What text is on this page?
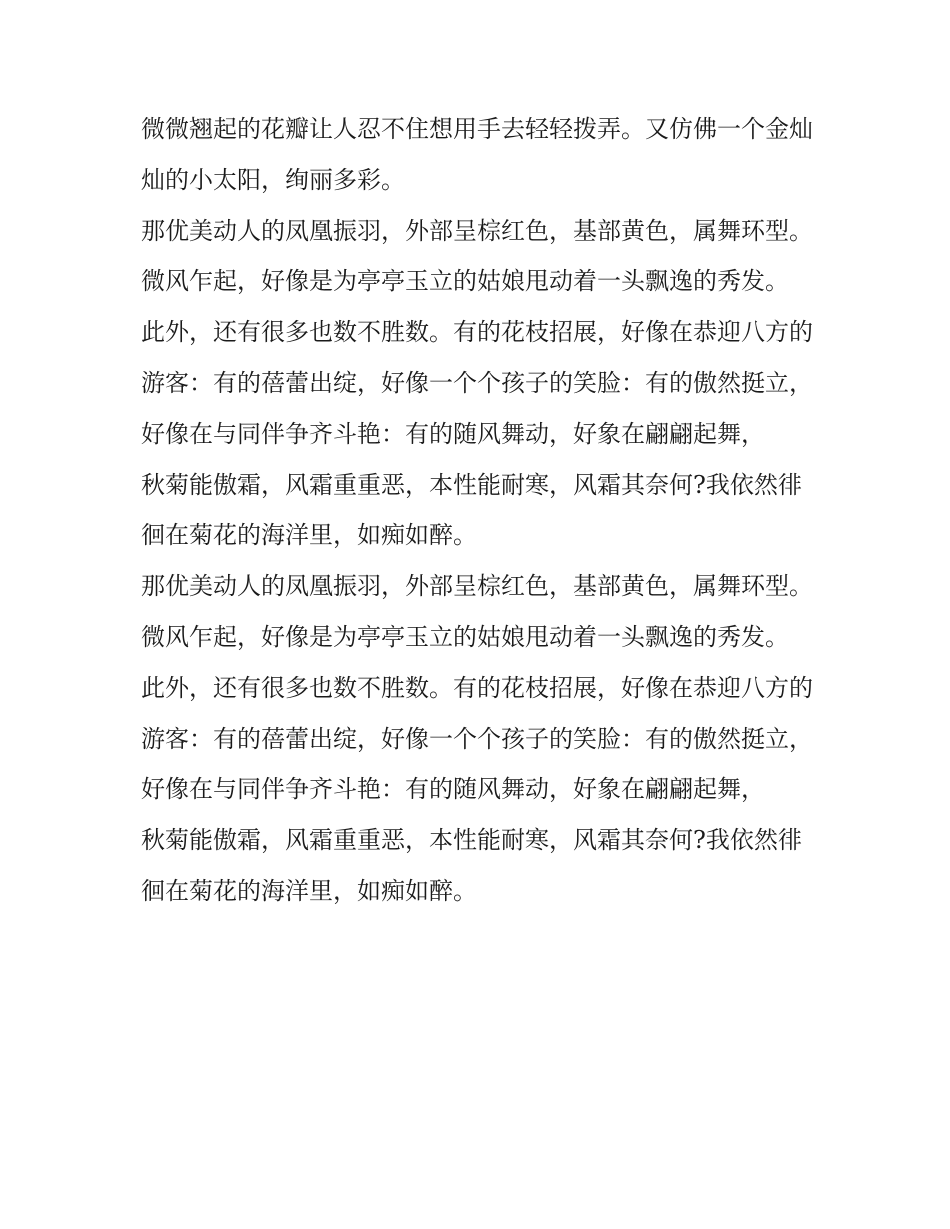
微微翘起的花瓣让人忍不住想用手去轻轻拨弄。又仿佛一个金灿灿的小太阳，绚丽多彩。

那优美动人的凤凰振羽，外部呈棕红色，基部黄色，属舞环型。微风乍起，好像是为亭亭玉立的姑娘甩动着一头飘逸的秀发。

此外，还有很多也数不胜数。有的花枝招展，好像在恭迎八方的游客：有的蓓蕾出绽，好像一个个孩子的笑脸：有的傲然挺立，好像在与同伴争齐斗艳：有的随风舞动，好象在翩翩起舞，

秋菊能傲霜，风霜重重恶，本性能耐寒，风霜其奈何?我依然徘徊在菊花的海洋里，如痴如醉。

那优美动人的凤凰振羽，外部呈棕红色，基部黄色，属舞环型。微风乍起，好像是为亭亭玉立的姑娘甩动着一头飘逸的秀发。

此外，还有很多也数不胜数。有的花枝招展，好像在恭迎八方的游客：有的蓓蕾出绽，好像一个个孩子的笑脸：有的傲然挺立，好像在与同伴争齐斗艳：有的随风舞动，好象在翩翩起舞，

秋菊能傲霜，风霜重重恶，本性能耐寒，风霜其奈何?我依然徘徊在菊花的海洋里，如痴如醉。
